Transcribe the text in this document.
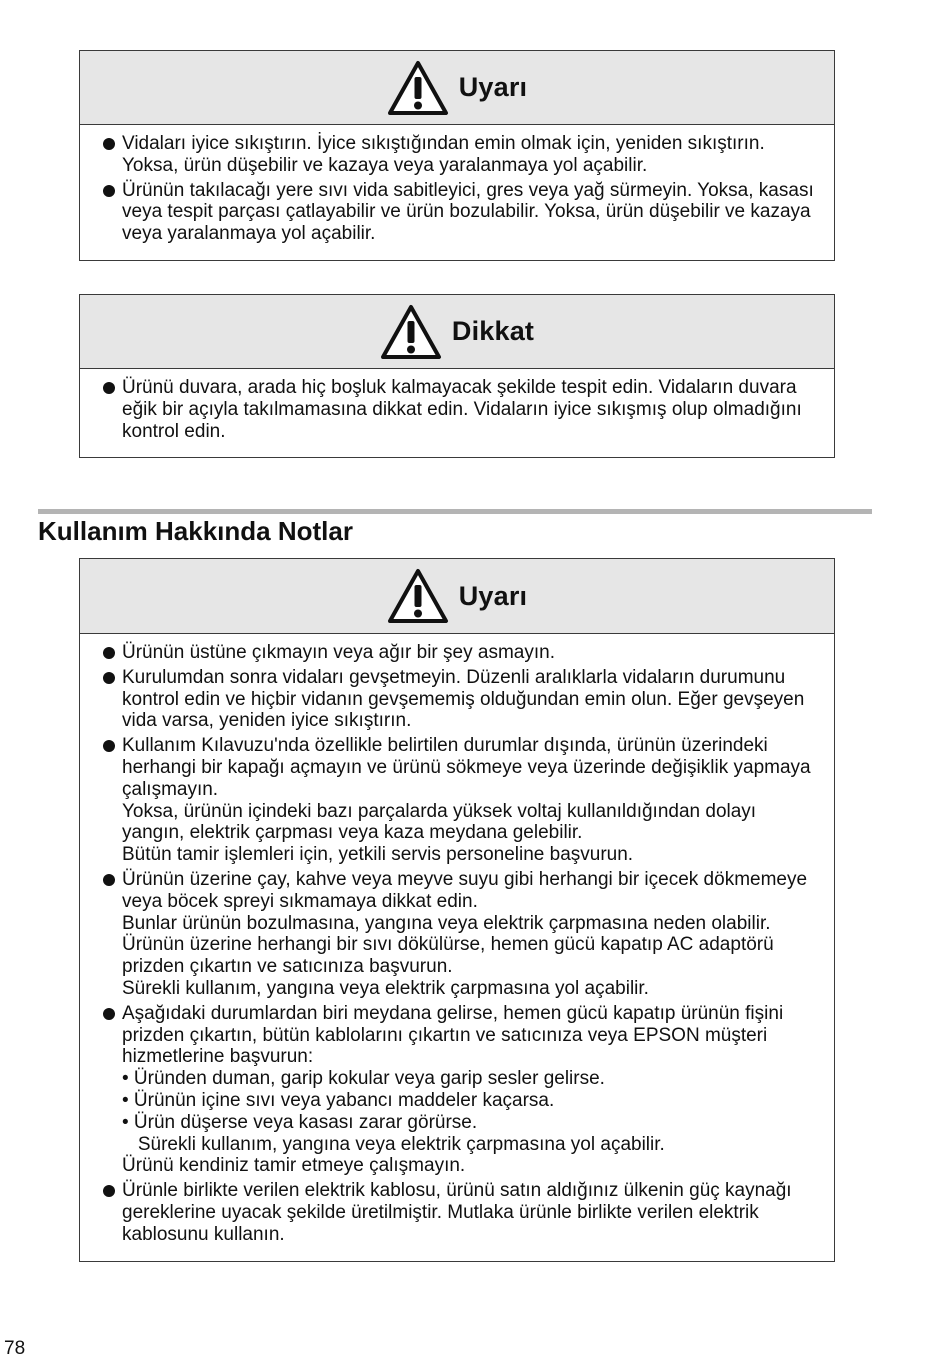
Uyarı

Vidaları iyice sıkıştırın. İyice sıkıştığından emin olmak için, yeniden sıkıştırın.

Yoksa, ürün düşebilir ve kazaya veya yaralanmaya yol açabilir.

Ürünün takılacağı yere sıvı vida sabitleyici, gres veya yağ sürmeyin. Yoksa, kasası veya tespit parçası çatlayabilir ve ürün bozulabilir. Yoksa, ürün düşebilir ve kazaya veya yaralanmaya yol açabilir.

Dikkat

Ürünü duvara, arada hiç boşluk kalmayacak şekilde tespit edin. Vidaların duvara eğik bir açıyla takılmamasına dikkat edin. Vidaların iyice sıkışmış olup olmadığını kontrol edin.

Kullanım Hakkında Notlar
Uyarı

Ürünün üstüne çıkmayın veya ağır bir şey asmayın.

Kurulumdan sonra vidaları gevşetmeyin. Düzenli aralıklarla vidaların durumunu kontrol edin ve hiçbir vidanın gevşememiş olduğundan emin olun. Eğer gevşeyen vida varsa, yeniden iyice sıkıştırın.

Kullanım Kılavuzu'nda özellikle belirtilen durumlar dışında, ürünün üzerindeki herhangi bir kapağı açmayın ve ürünü sökmeye veya üzerinde değişiklik yapmaya çalışmayın.

Yoksa, ürünün içindeki bazı parçalarda yüksek voltaj kullanıldığından dolayı yangın, elektrik çarpması veya kaza meydana gelebilir.

Bütün tamir işlemleri için, yetkili servis personeline başvurun.

Ürünün üzerine çay, kahve veya meyve suyu gibi herhangi bir içecek dökmemeye veya böcek spreyi sıkmamaya dikkat edin.

Bunlar ürünün bozulmasına, yangına veya elektrik çarpmasına neden olabilir.

Ürünün üzerine herhangi bir sıvı dökülürse, hemen gücü kapatıp AC adaptörü prizden çıkartın ve satıcınıza başvurun.

Sürekli kullanım, yangına veya elektrik çarpmasına yol açabilir.

Aşağıdaki durumlardan biri meydana gelirse, hemen gücü kapatıp ürünün fişini prizden çıkartın, bütün kablolarını çıkartın ve satıcınıza veya EPSON müşteri hizmetlerine başvurun:

• Üründen duman, garip kokular veya garip sesler gelirse.

• Ürünün içine sıvı veya yabancı maddeler kaçarsa.

• Ürün düşerse veya kasası zarar görürse.

Sürekli kullanım, yangına veya elektrik çarpmasına yol açabilir.

Ürünü kendiniz tamir etmeye çalışmayın.

Ürünle birlikte verilen elektrik kablosu, ürünü satın aldığınız ülkenin güç kaynağı gereklerine uyacak şekilde üretilmiştir. Mutlaka ürünle birlikte verilen elektrik kablosunu kullanın.

78
